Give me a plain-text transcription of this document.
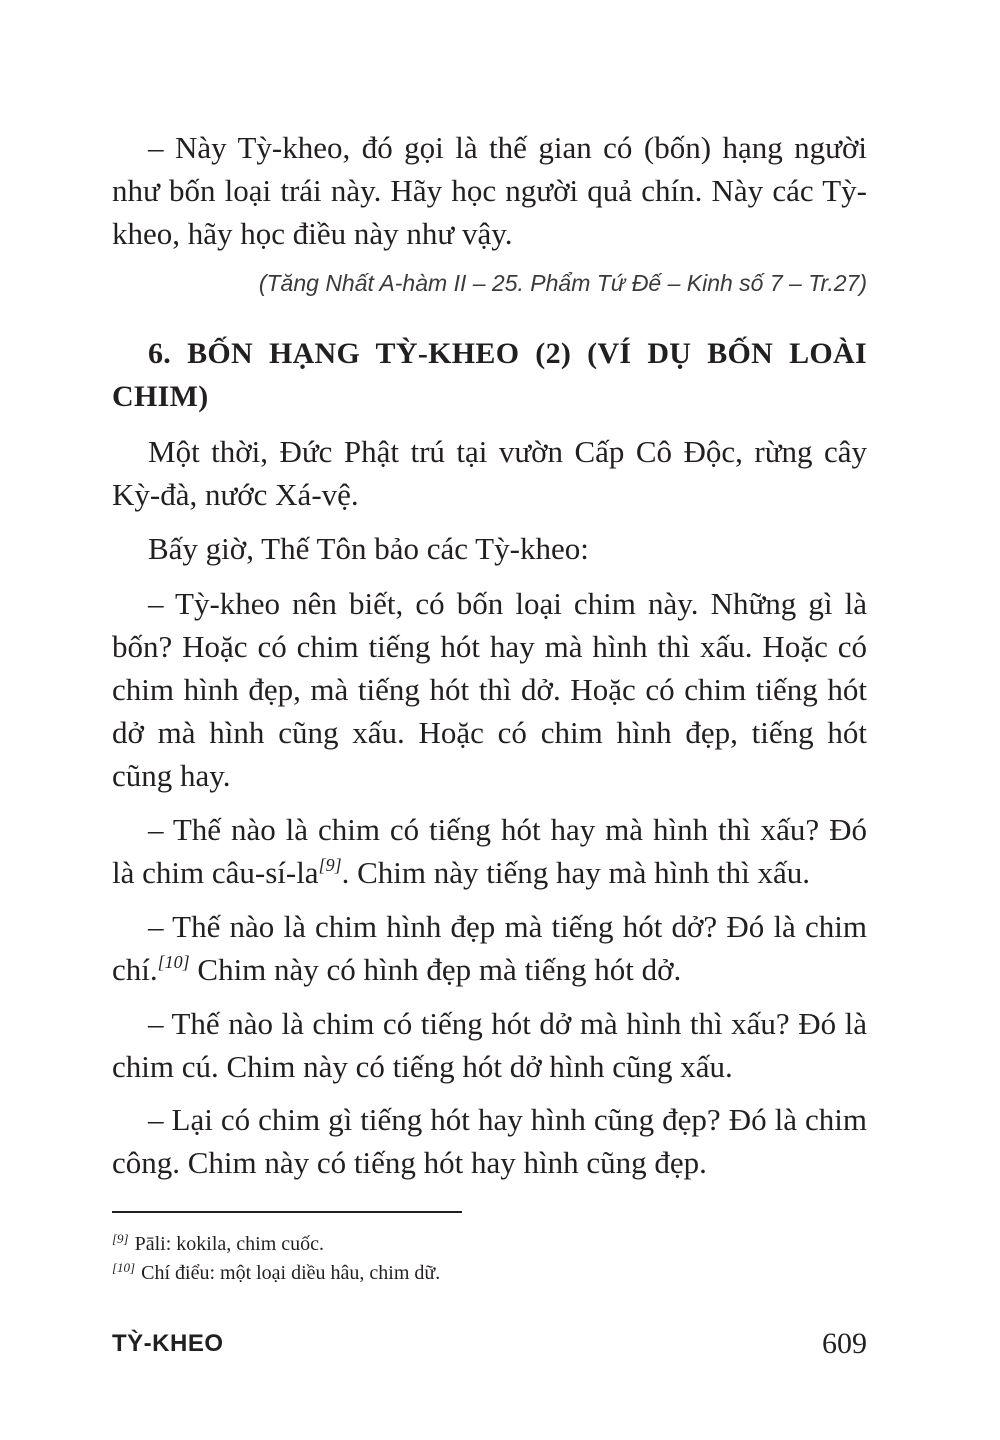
– Này Tỳ-kheo, đó gọi là thế gian có (bốn) hạng người như bốn loại trái này. Hãy học người quả chín. Này các Tỳ-kheo, hãy học điều này như vậy.

(Tăng Nhất A-hàm II – 25. Phẩm Tứ Đế – Kinh số 7 – Tr.27)
6. BỐN HẠNG TỲ-KHEO (2) (VÍ DỤ BỐN LOÀI CHIM)

Một thời, Đức Phật trú tại vườn Cấp Cô Độc, rừng cây Kỳ-đà, nước Xá-vệ.

Bấy giờ, Thế Tôn bảo các Tỳ-kheo:

– Tỳ-kheo nên biết, có bốn loại chim này. Những gì là bốn? Hoặc có chim tiếng hót hay mà hình thì xấu. Hoặc có chim hình đẹp, mà tiếng hót thì dở. Hoặc có chim tiếng hót dở mà hình cũng xấu. Hoặc có chim hình đẹp, tiếng hót cũng hay.

– Thế nào là chim có tiếng hót hay mà hình thì xấu? Đó là chim câu-sí-la[9]. Chim này tiếng hay mà hình thì xấu.

– Thế nào là chim hình đẹp mà tiếng hót dở? Đó là chim chí.[10] Chim này có hình đẹp mà tiếng hót dở.

– Thế nào là chim có tiếng hót dở mà hình thì xấu? Đó là chim cú. Chim này có tiếng hót dở hình cũng xấu.

– Lại có chim gì tiếng hót hay hình cũng đẹp? Đó là chim công. Chim này có tiếng hót hay hình cũng đẹp.

[9] Pāli: kokila, chim cuốc.
[10] Chí điểu: một loại diều hâu, chim dữ.
TỲ-KHEO	609
